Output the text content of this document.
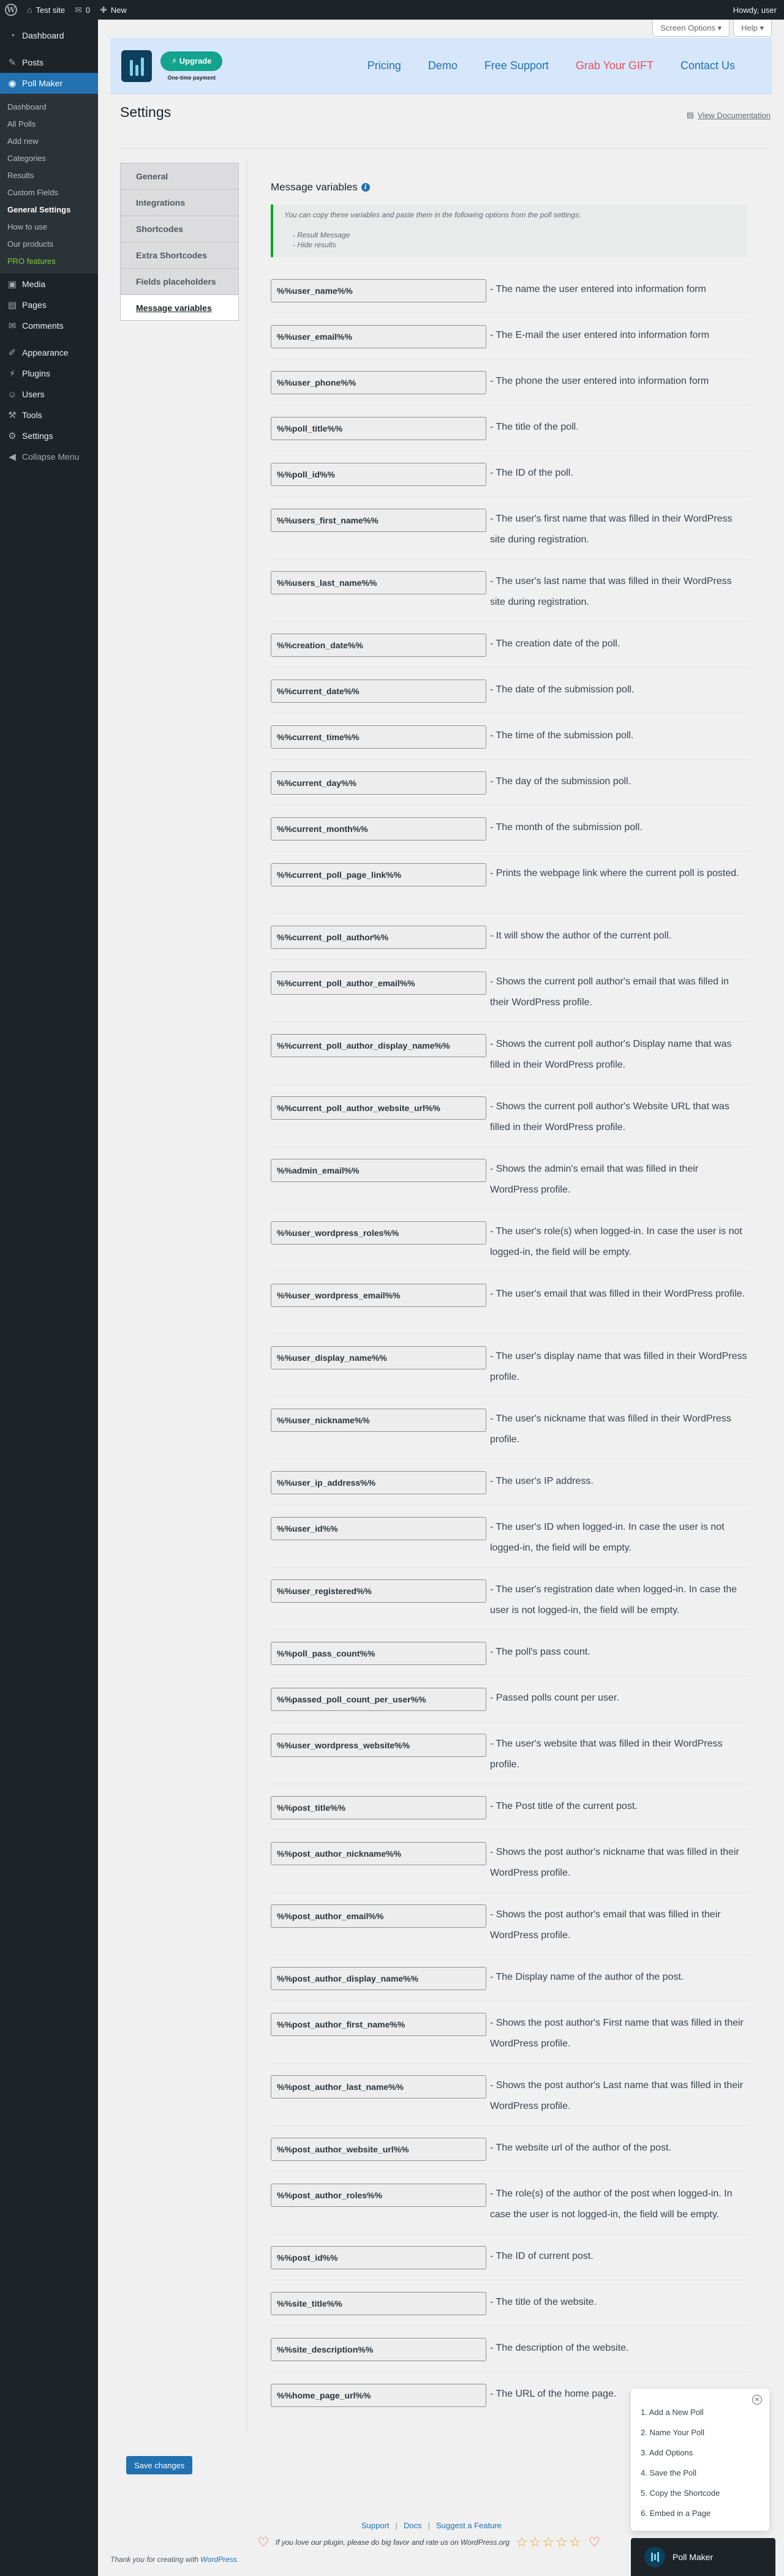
W ⌂ Test site ✉ 0 ✚ New	Howdy, user
◔ Dashboard
✎ Posts
◉ Poll Maker
Dashboard
All Polls
Add new
Categories
Results
Custom Fields
General Settings
How to use
Our products
PRO features
▣ Media
▤ Pages
✉ Comments
✐ Appearance
⚡ Plugins
☺ Users
⚒ Tools
⚙ Settings
◀ Collapse Menu
Screen Options ▾	Help ▾
⚡ Upgrade
One-time payment
Pricing Demo Free Support Grab Your GIFT Contact Us
Settings	▤ View Documentation
General
Integrations
Shortcodes
Extra Shortcodes
Fields placeholders
Message variables
Message variables	i
You can copy these variables and paste them in the following options from the poll settings:
- Result Message
- Hide results
%%user_name%%	- The name the user entered into information form
%%user_email%%	- The E-mail the user entered into information form
%%user_phone%%	- The phone the user entered into information form
%%poll_title%%	- The title of the poll.
%%poll_id%%	- The ID of the poll.
%%users_first_name%%	- The user's first name that was filled in their WordPress site during registration.
%%users_last_name%%	- The user's last name that was filled in their WordPress site during registration.
%%creation_date%%	- The creation date of the poll.
%%current_date%%	- The date of the submission poll.
%%current_time%%	- The time of the submission poll.
%%current_day%%	- The day of the submission poll.
%%current_month%%	- The month of the submission poll.
%%current_poll_page_link%%	- Prints the webpage link where the current poll is posted.
%%current_poll_author%%	- It will show the author of the current poll.
%%current_poll_author_email%%	- Shows the current poll author's email that was filled in their WordPress profile.
%%current_poll_author_display_name%%	- Shows the current poll author's Display name that was filled in their WordPress profile.
%%current_poll_author_website_url%%	- Shows the current poll author's Website URL that was filled in their WordPress profile.
%%admin_email%%	- Shows the admin's email that was filled in their WordPress profile.
%%user_wordpress_roles%%	- The user's role(s) when logged-in. In case the user is not logged-in, the field will be empty.
%%user_wordpress_email%%	- The user's email that was filled in their WordPress profile.
%%user_display_name%%	- The user's display name that was filled in their WordPress profile.
%%user_nickname%%	- The user's nickname that was filled in their WordPress profile.
%%user_ip_address%%	- The user's IP address.
%%user_id%%	- The user's ID when logged-in. In case the user is not logged-in, the field will be empty.
%%user_registered%%	- The user's registration date when logged-in. In case the user is not logged-in, the field will be empty.
%%poll_pass_count%%	- The poll's pass count.
%%passed_poll_count_per_user%%	- Passed polls count per user.
%%user_wordpress_website%%	- The user's website that was filled in their WordPress profile.
%%post_title%%	- The Post title of the current post.
%%post_author_nickname%%	- Shows the post author's nickname that was filled in their WordPress profile.
%%post_author_email%%	- Shows the post author's email that was filled in their WordPress profile.
%%post_author_display_name%%	- The Display name of the author of the post.
%%post_author_first_name%%	- Shows the post author's First name that was filled in their WordPress profile.
%%post_author_last_name%%	- Shows the post author's Last name that was filled in their WordPress profile.
%%post_author_website_url%%	- The website url of the author of the post.
%%post_author_roles%%	- The role(s) of the author of the post when logged-in. In case the user is not logged-in, the field will be empty.
%%post_id%%	- The ID of current post.
%%site_title%%	- The title of the website.
%%site_description%%	- The description of the website.
%%home_page_url%%	- The URL of the home page.
Save changes
Support | Docs | Suggest a Feature
♡ If you love our plugin, please do big favor and rate us on WordPress.org ☆☆☆☆☆ ♡
Thank you for creating with WordPress.
✕
1. Add a New Poll
2. Name Your Poll
3. Add Options
4. Save the Poll
5. Copy the Shortcode
6. Embed in a Page
Poll Maker
